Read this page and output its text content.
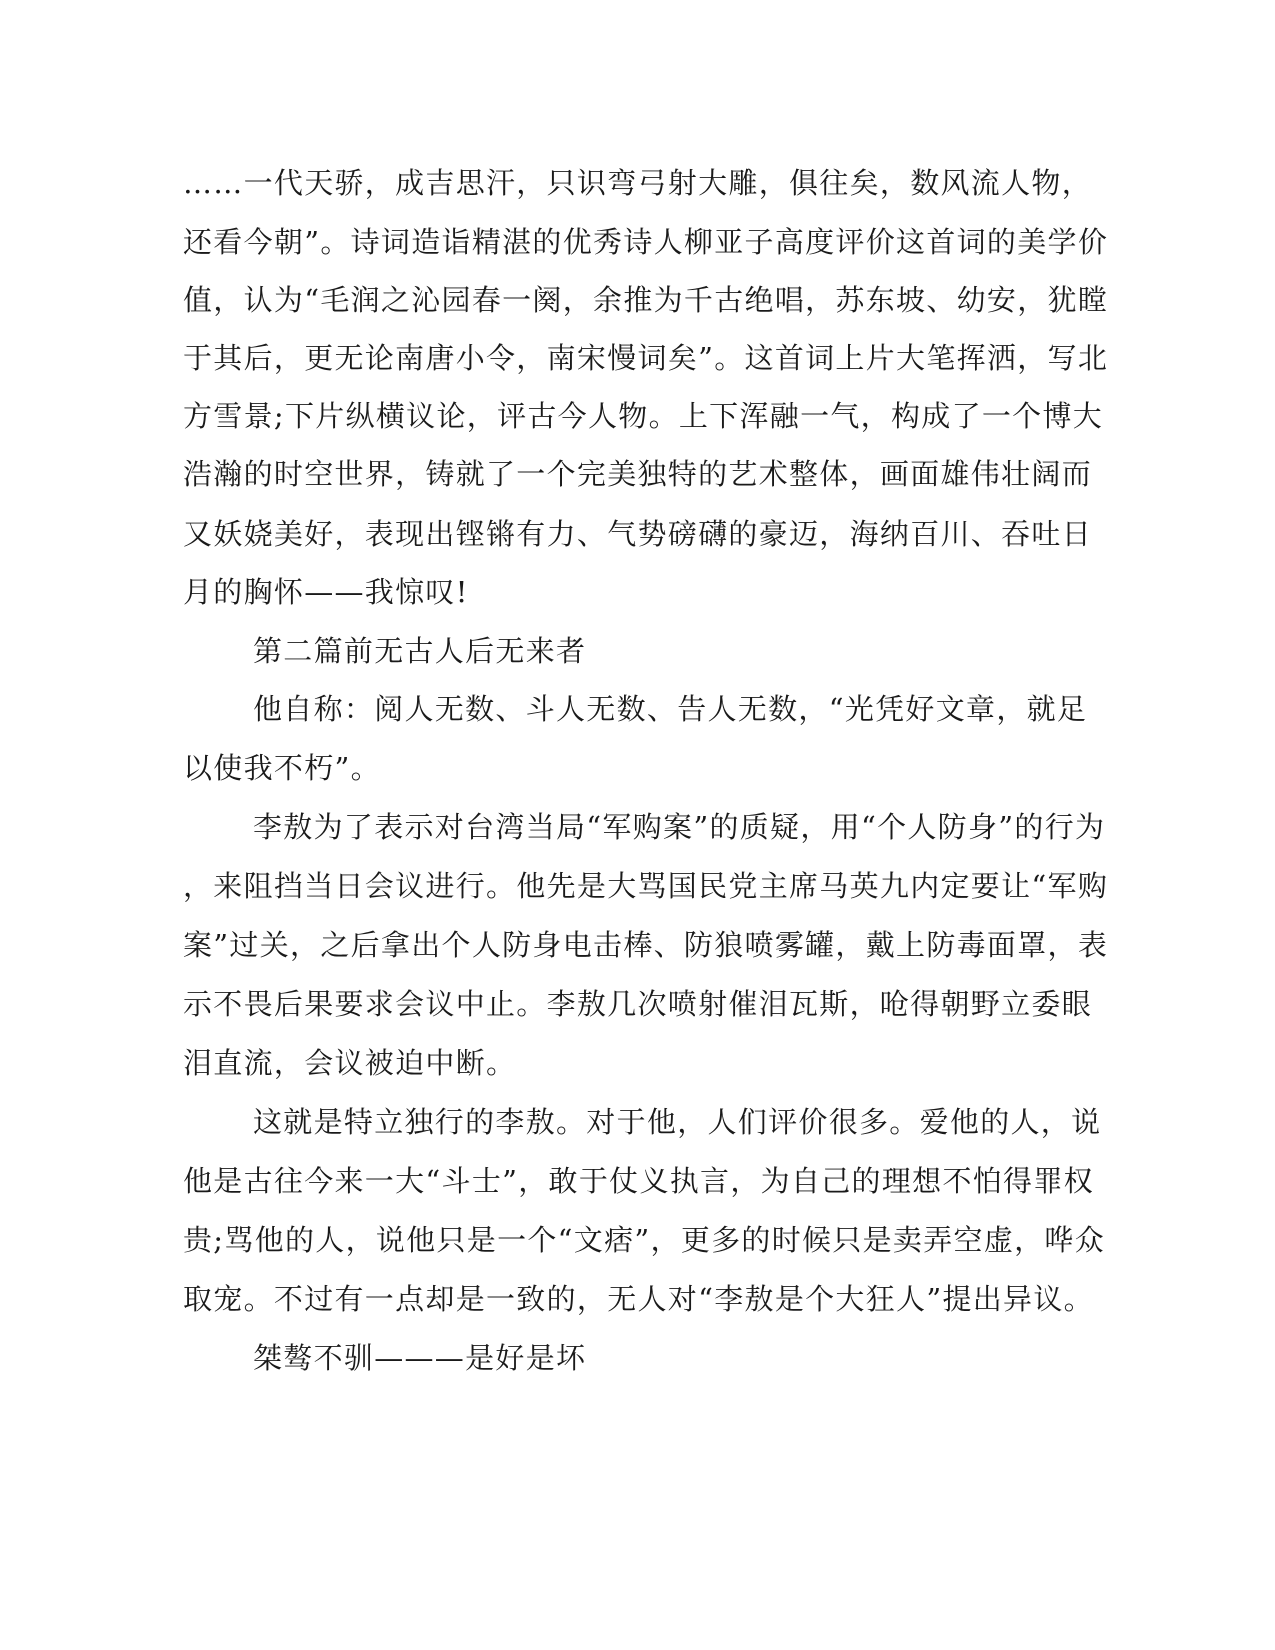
……一代天骄，成吉思汗，只识弯弓射大雕，俱往矣，数风流人物，
还看今朝”。诗词造诣精湛的优秀诗人柳亚子高度评价这首词的美学价
值，认为“毛润之沁园春一阕，余推为千古绝唱，苏东坡、幼安，犹瞠
于其后，更无论南唐小令，南宋慢词矣”。这首词上片大笔挥洒，写北
方雪景;下片纵横议论，评古今人物。上下浑融一气，构成了一个博大
浩瀚的时空世界，铸就了一个完美独特的艺术整体，画面雄伟壮阔而
又妖娆美好，表现出铿锵有力、气势磅礴的豪迈，海纳百川、吞吐日
月的胸怀——我惊叹!
第二篇前无古人后无来者
他自称：阅人无数、斗人无数、告人无数，“光凭好文章，就足
以使我不朽”。
李敖为了表示对台湾当局“军购案”的质疑，用“个人防身”的行为
，来阻挡当日会议进行。他先是大骂国民党主席马英九内定要让“军购
案”过关，之后拿出个人防身电击棒、防狼喷雾罐，戴上防毒面罩，表
示不畏后果要求会议中止。李敖几次喷射催泪瓦斯，呛得朝野立委眼
泪直流，会议被迫中断。
这就是特立独行的李敖。对于他，人们评价很多。爱他的人，说
他是古往今来一大“斗士”，敢于仗义执言，为自己的理想不怕得罪权
贵;骂他的人，说他只是一个“文痞”，更多的时候只是卖弄空虚，哗众
取宠。不过有一点却是一致的，无人对“李敖是个大狂人”提出异议。
桀骜不驯———是好是坏
